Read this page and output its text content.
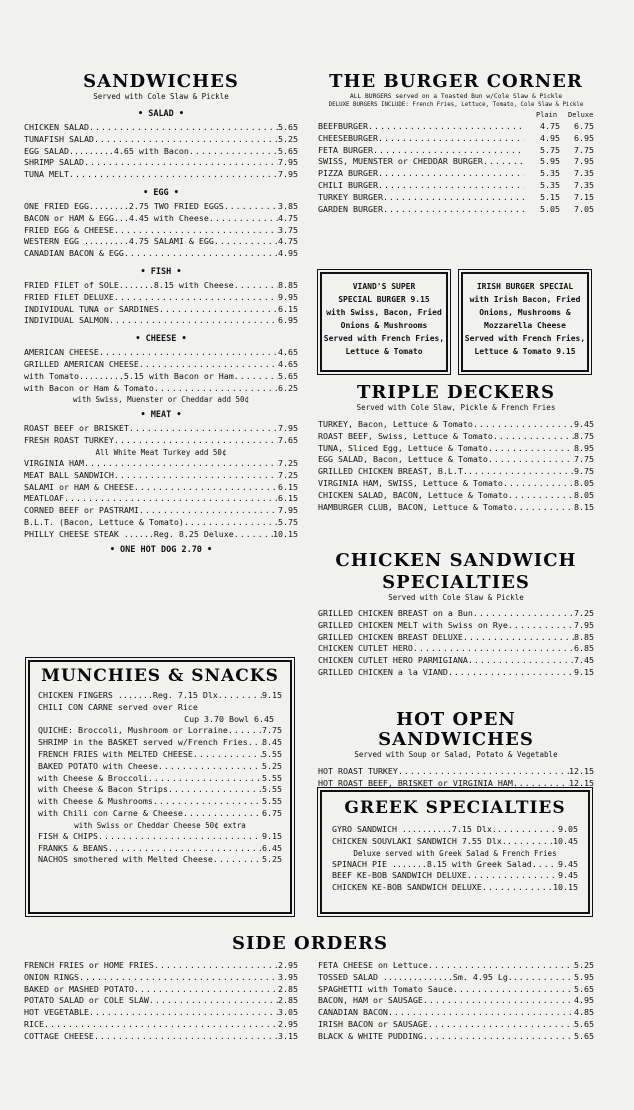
SANDWICHES

Served with Cole Slaw & Pickle

• SALAD •
CHICKEN SALAD .....	5.65
TUNAFISH SALAD .....	5.25
EGG SALAD.........4.65 with Bacon .....	5.65
SHRIMP SALAD .....	7.95
TUNA MELT .....	7.95
• EGG •
ONE FRIED EGG........2.75 TWO FRIED EGGS .....	3.85
BACON or HAM & EGG...4.45 with Cheese .....	4.75
FRIED EGG & CHEESE .....	3.75
WESTERN EGG .........4.75 SALAMI & EGG .....	4.75
CANADIAN BACON & EGG .....	4.95
• FISH •
FRIED FILET of SOLE.......8.15 with Cheese .....	8.85
FRIED FILET DELUXE .....	9.95
INDIVIDUAL TUNA or SARDINES .....	6.15
INDIVIDUAL SALMON .....	6.95
• CHEESE •
AMERICAN CHEESE .....	4.65
GRILLED AMERICAN CHEESE .....	4.65
with Tomato.........5.15 with Bacon or Ham .....	5.65
with Bacon or Ham & Tomato .....	6.25
with Swiss, Muenster or Cheddar add 50¢
• MEAT •
ROAST BEEF or BRISKET .....	7.95
FRESH ROAST TURKEY .....	7.65
All White Meat Turkey add 50¢
VIRGINIA HAM .....	7.25
MEAT BALL SANDWICH .....	7.25
SALAMI or HAM & CHEESE .....	6.15
MEATLOAF .....	6.15
CORNED BEEF or PASTRAMI .....	7.95
B.L.T. (Bacon, Lettuce & Tomato) .....	5.75
PHILLY CHEESE STEAK ......Reg. 8.25 Deluxe .....	10.15
• ONE HOT DOG 2.70 •
MUNCHIES & SNACKS
CHICKEN FINGERS .......Reg. 7.15 Dlx. .....	9.15
CHILI CON CARNE served over Rice
Cup 3.70 Bowl 6.45
QUICHE: Broccoli, Mushroom or Lorraine .....	7.75
SHRIMP in the BASKET served w/French Fries ..... 8.45
FRENCH FRIES with MELTED CHEESE .....	5.55
BAKED POTATO with Cheese .....	5.25
with Cheese & Broccoli .....	5.55
with Cheese & Bacon Strips .....	5.55
with Cheese & Mushrooms .....	5.55
with Chili con Carne & Cheese .....	6.75
with Swiss or Cheddar Cheese 50¢ extra
FISH & CHIPS .....	9.15
FRANKS & BEANS .....	6.45
NACHOS smothered with Melted Cheese .....	5.25
THE BURGER CORNER

ALL BURGERS served on a Toasted Bun w/Cole Slaw & Pickle

DELUXE BURGERS INCLUDE: French Fries, Lettuce, Tomato, Cole Slaw & Pickle

Plain Deluxe
BEEFBURGER .....	4.75	6.75
CHEESEBURGER .....	4.95	6.95
FETA BURGER .....	5.75	7.75
SWISS, MUENSTER or CHEDDAR BURGER .....	5.95	7.95
PIZZA BURGER .....	5.35	7.35
CHILI BURGER .....	5.35	7.35
TURKEY BURGER .....	5.15	7.15
GARDEN BURGER .....	5.05	7.05
VIAND'S SUPER
SPECIAL BURGER 9.15
with Swiss, Bacon, Fried
Onions & Mushrooms
Served with French Fries,
Lettuce & Tomato
IRISH BURGER SPECIAL
with Irish Bacon, Fried
Onions, Mushrooms &
Mozzarella Cheese
Served with French Fries,
Lettuce & Tomato 9.15
TRIPLE DECKERS

Served with Cole Slaw, Pickle & French Fries

TURKEY, Bacon, Lettuce & Tomato .....	9.45
ROAST BEEF, Swiss, Lettuce & Tomato .....	8.75
TUNA, Sliced Egg, Lettuce & Tomato .....	8.95
EGG SALAD, Bacon, Lettuce & Tomato .....	7.75
GRILLED CHICKEN BREAST, B.L.T. .....	9.75
VIRGINIA HAM, SWISS, Lettuce & Tomato .....	8.05
CHICKEN SALAD, BACON, Lettuce & Tomato .....	8.05
HAMBURGER CLUB, BACON, Lettuce & Tomato .....	8.15
CHICKEN SANDWICH
SPECIALTIES

Served with Cole Slaw & Pickle

GRILLED CHICKEN BREAST on a Bun .....	7.25
GRILLED CHICKEN MELT with Swiss on Rye .....	7.95
GRILLED CHICKEN BREAST DELUXE .....	8.85
CHICKEN CUTLET HERO .....	6.85
CHICKEN CUTLET HERO PARMIGIANA .....	7.45
GRILLED CHICKEN a la VIAND .....	9.15
HOT OPEN SANDWICHES

Served with Soup or Salad, Potato & Vegetable

HOT ROAST TURKEY .....	12.15
HOT ROAST BEEF, BRISKET or VIRGINIA HAM .....	12.15
GREEK SPECIALTIES
GYRO SANDWICH ..........7.15 Dlx. .....	9.05
CHICKEN SOUVLAKI SANDWICH 7.55 Dlx. .....	10.45
Deluxe served with Greek Salad & French Fries
SPINACH PIE .......8.15 with Greek Salad .....	9.45
BEEF KE-BOB SANDWICH DELUXE .....	9.45
CHICKEN KE-BOB SANDWICH DELUXE .....	10.15
SIDE ORDERS
FRENCH FRIES or HOME FRIES .....	2.95
ONION RINGS .....	3.95
BAKED or MASHED POTATO .....	2.85
POTATO SALAD or COLE SLAW .....	2.85
HOT VEGETABLE .....	3.05
RICE .....	2.95
COTTAGE CHEESE .....	3.15
FETA CHEESE on Lettuce .....	5.25
TOSSED SALAD ..............Sm. 4.95 Lg. .....	5.95
SPAGHETTI with Tomato Sauce .....	5.65
BACON, HAM or SAUSAGE .....	4.95
CANADIAN BACON .....	4.85
IRISH BACON or SAUSAGE .....	5.65
BLACK & WHITE PUDDING .....	5.65
